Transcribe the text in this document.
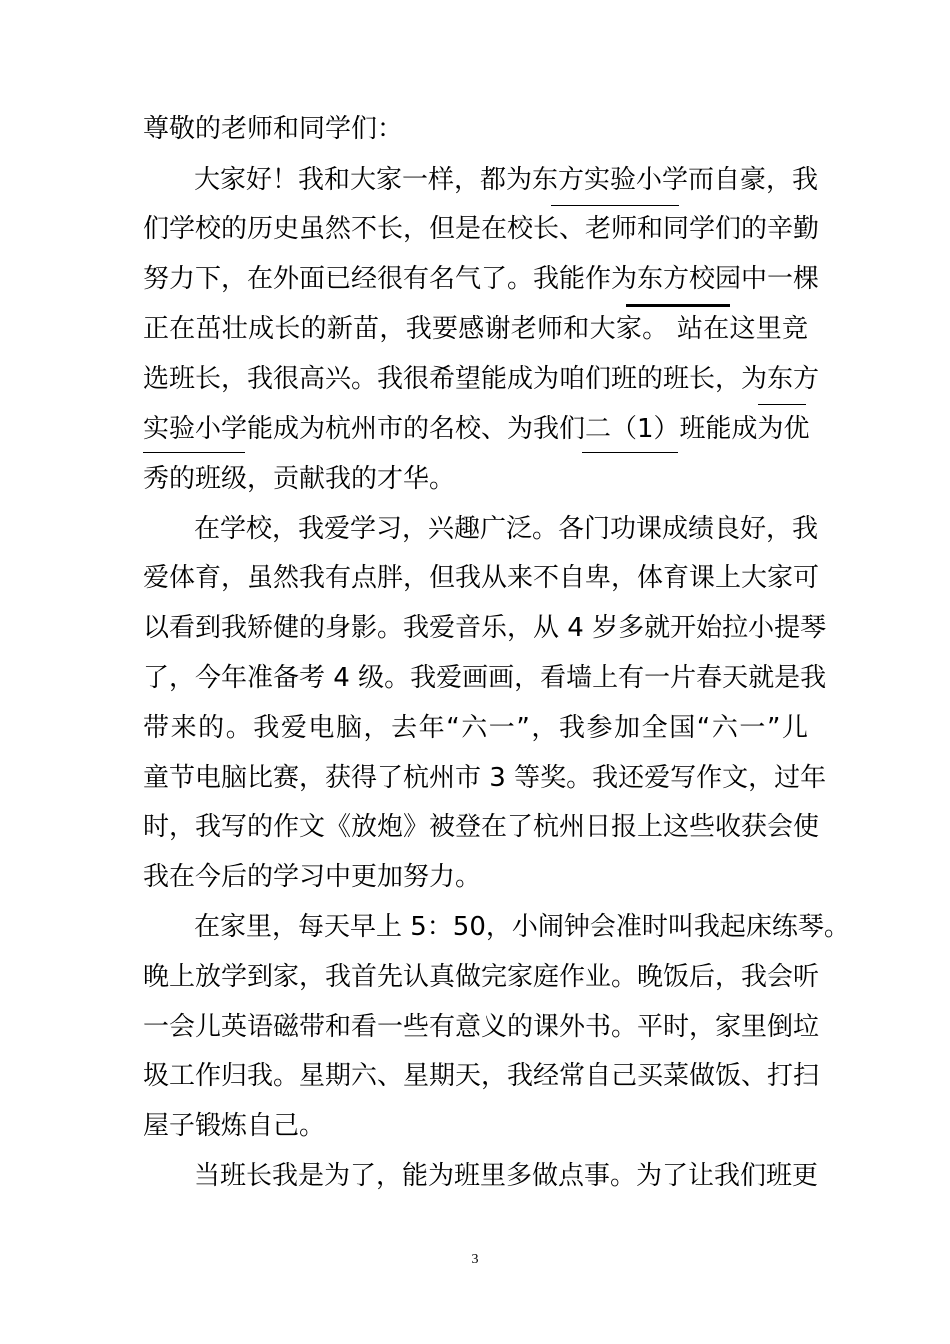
尊敬的老师和同学们：
大家好！我和大家一样，都为东方实验小学而自豪，我
们学校的历史虽然不长，但是在校长、老师和同学们的辛勤
努力下，在外面已经很有名气了。我能作为东方校园中一棵
正在茁壮成长的新苗，我要感谢老师和大家。 站在这里竞
选班长，我很高兴。我很希望能成为咱们班的班长，为东方
实验小学能成为杭州市的名校、为我们二（1）班能成为优
秀的班级，贡献我的才华。
在学校，我爱学习，兴趣广泛。各门功课成绩良好，我
爱体育，虽然我有点胖，但我从来不自卑，体育课上大家可
以看到我矫健的身影。我爱音乐，从 4 岁多就开始拉小提琴
了，今年准备考 4 级。我爱画画，看墙上有一片春天就是我
带来的。我爱电脑，去年“六一”，我参加全国“六一”儿
童节电脑比赛，获得了杭州市 3 等奖。我还爱写作文，过年
时，我写的作文《放炮》被登在了杭州日报上这些收获会使
我在今后的学习中更加努力。
在家里，每天早上 5：50，小闹钟会准时叫我起床练琴。
晚上放学到家，我首先认真做完家庭作业。晚饭后，我会听
一会儿英语磁带和看一些有意义的课外书。平时，家里倒垃
圾工作归我。星期六、星期天，我经常自己买菜做饭、打扫
屋子锻炼自己。
当班长我是为了，能为班里多做点事。为了让我们班更
3
